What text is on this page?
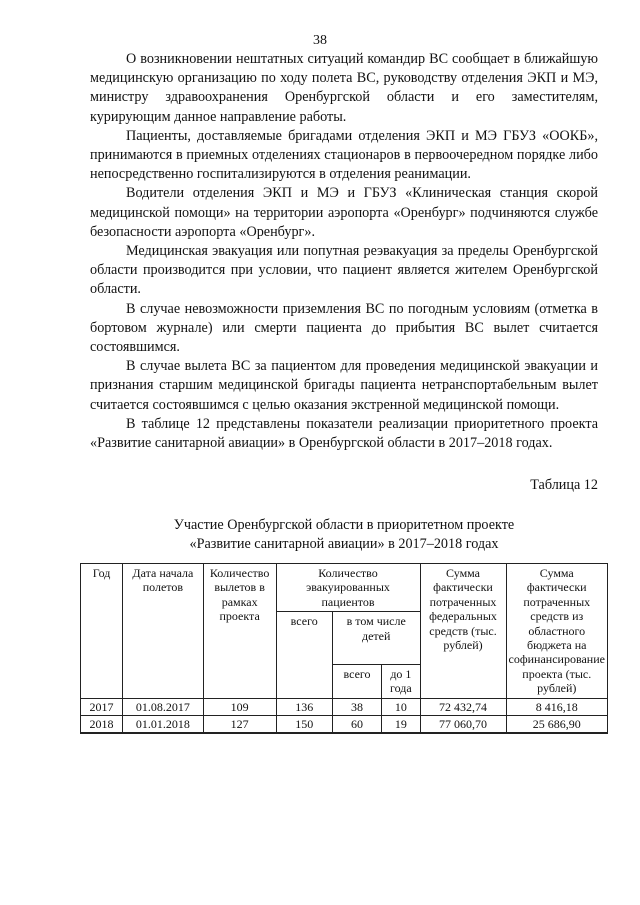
38

О возникновении нештатных ситуаций командир ВС сообщает в ближайшую медицинскую организацию по ходу полета ВС, руководству отделения ЭКП и МЭ, министру здравоохранения Оренбургской области и его заместителям, курирующим данное направление работы.

Пациенты, доставляемые бригадами отделения ЭКП и МЭ ГБУЗ «ООКБ», принимаются в приемных отделениях стационаров в первоочередном порядке либо непосредственно госпитализируются в отделения реанимации.

Водители отделения ЭКП и МЭ и ГБУЗ «Клиническая станция скорой медицинской помощи» на территории аэропорта «Оренбург» подчиняются службе безопасности аэропорта «Оренбург».

Медицинская эвакуация или попутная реэвакуация за пределы Оренбургской области производится при условии, что пациент является жителем Оренбургской области.

В случае невозможности приземления ВС по погодным условиям (отметка в бортовом журнале) или смерти пациента до прибытия ВС вылет считается состоявшимся.

В случае вылета ВС за пациентом для проведения медицинской эвакуации и признания старшим медицинской бригады пациента нетранспортабельным вылет считается состоявшимся с целью оказания экстренной медицинской помощи.

В таблице 12 представлены показатели реализации приоритетного проекта «Развитие санитарной авиации» в Оренбургской области в 2017–2018 годах.

Таблица 12
Участие Оренбургской области в приоритетном проекте
«Развитие санитарной авиации» в 2017–2018 годах
Год	Дата начала полетов	Количество вылетов в рамках проекта	Количество эвакуированных пациентов			Сумма фактически потраченных федеральных средств (тыс. рублей)	Сумма фактически потраченных средств из областного бюджета на софинансирование проекта (тыс. рублей)
			всего	в том числе детей			
				всего	до 1 года		
2017	01.08.2017	109	136	38	10	72 432,74	8 416,18
2018	01.01.2018	127	150	60	19	77 060,70	25 686,90
